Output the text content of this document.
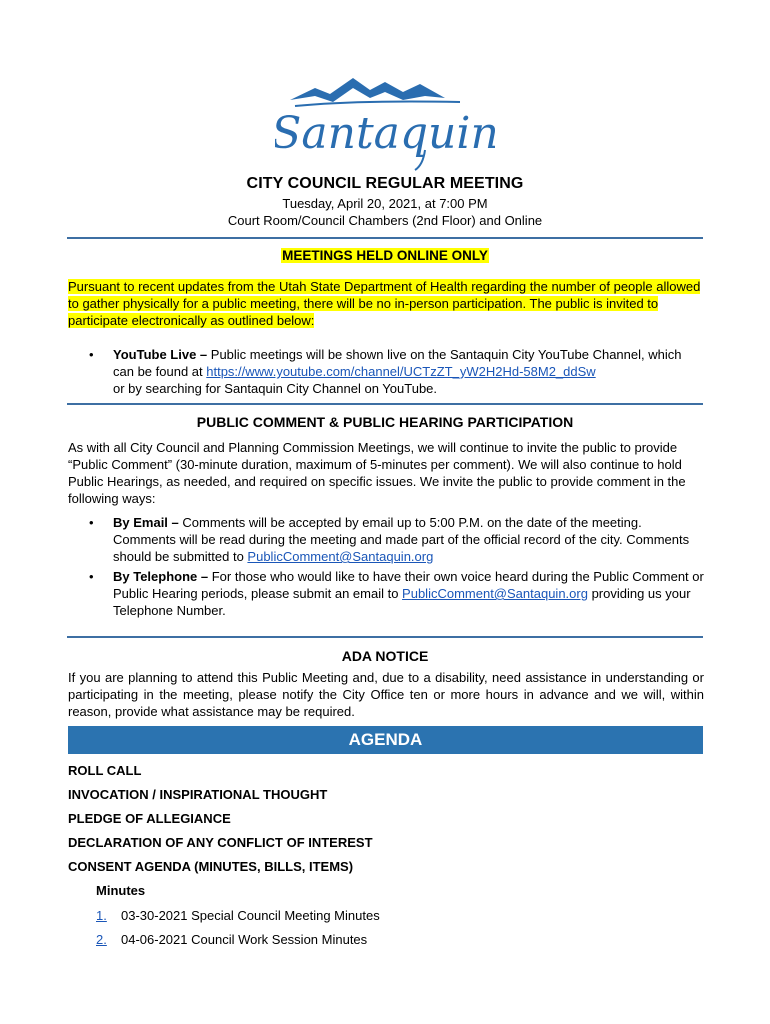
Santaquin
CITY COUNCIL REGULAR MEETING
Tuesday, April 20, 2021, at 7:00 PM
Court Room/Council Chambers (2nd Floor) and Online
MEETINGS HELD ONLINE ONLY
Pursuant to recent updates from the Utah State Department of Health regarding the number of people allowed to gather physically for a public meeting, there will be no in-person participation. The public is invited to participate electronically as outlined below:
• YouTube Live – Public meetings will be shown live on the Santaquin City YouTube Channel, which can be found at https://www.youtube.com/channel/UCTzZT_yW2H2Hd-58M2_ddSw
or by searching for Santaquin City Channel on YouTube.
PUBLIC COMMENT & PUBLIC HEARING PARTICIPATION
As with all City Council and Planning Commission Meetings, we will continue to invite the public to provide “Public Comment” (30-minute duration, maximum of 5-minutes per comment). We will also continue to hold Public Hearings, as needed, and required on specific issues. We invite the public to provide comment in the following ways:
• By Email – Comments will be accepted by email up to 5:00 P.M. on the date of the meeting. Comments will be read during the meeting and made part of the official record of the city. Comments should be submitted to PublicComment@Santaquin.org
• By Telephone – For those who would like to have their own voice heard during the Public Comment or Public Hearing periods, please submit an email to PublicComment@Santaquin.org providing us your Telephone Number.
ADA NOTICE
If you are planning to attend this Public Meeting and, due to a disability, need assistance in understanding or participating in the meeting, please notify the City Office ten or more hours in advance and we will, within reason, provide what assistance may be required.
AGENDA
ROLL CALL
INVOCATION / INSPIRATIONAL THOUGHT
PLEDGE OF ALLEGIANCE
DECLARATION OF ANY CONFLICT OF INTEREST
CONSENT AGENDA (MINUTES, BILLS, ITEMS)
Minutes
1. 03-30-2021 Special Council Meeting Minutes
2. 04-06-2021 Council Work Session Minutes
